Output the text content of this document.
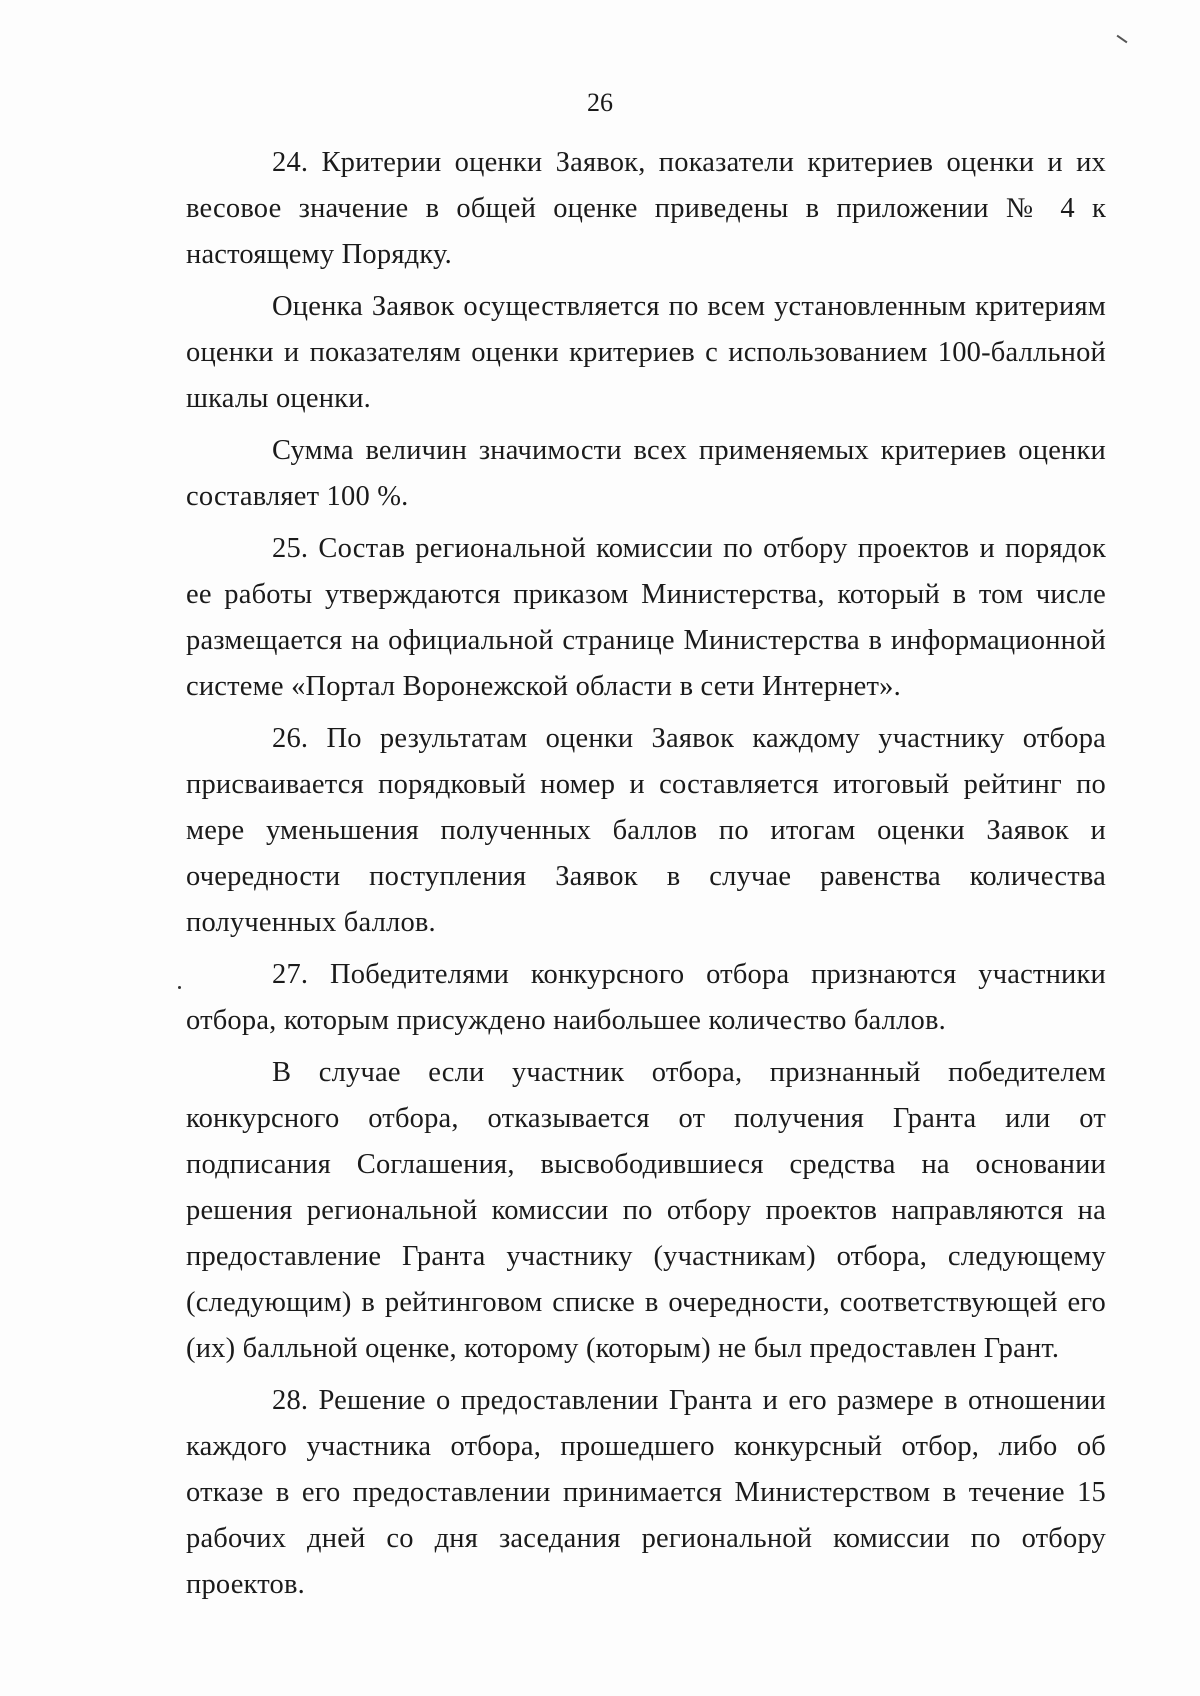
26

24. Критерии оценки Заявок, показатели критериев оценки и их весовое значение в общей оценке приведены в приложении № 4 к настоящему Порядку.

Оценка Заявок осуществляется по всем установленным критериям оценки и показателям оценки критериев с использованием 100-балльной шкалы оценки.

Сумма величин значимости всех применяемых критериев оценки составляет 100 %.

25. Состав региональной комиссии по отбору проектов и порядок ее работы утверждаются приказом Министерства, который в том числе размещается на официальной странице Министерства в информационной системе «Портал Воронежской области в сети Интернет».

26. По результатам оценки Заявок каждому участнику отбора присваивается порядковый номер и составляется итоговый рейтинг по мере уменьшения полученных баллов по итогам оценки Заявок и очередности поступления Заявок в случае равенства количества полученных баллов.

27. Победителями конкурсного отбора признаются участники отбора, которым присуждено наибольшее количество баллов.

В случае если участник отбора, признанный победителем конкурсного отбора, отказывается от получения Гранта или от подписания Соглашения, высвободившиеся средства на основании решения региональной комиссии по отбору проектов направляются на предоставление Гранта участнику (участникам) отбора, следующему (следующим) в рейтинговом списке в очередности, соответствующей его (их) балльной оценке, которому (которым) не был предоставлен Грант.

28. Решение о предоставлении Гранта и его размере в отношении каждого участника отбора, прошедшего конкурсный отбор, либо об отказе в его предоставлении принимается Министерством в течение 15 рабочих дней со дня заседания региональной комиссии по отбору проектов.
